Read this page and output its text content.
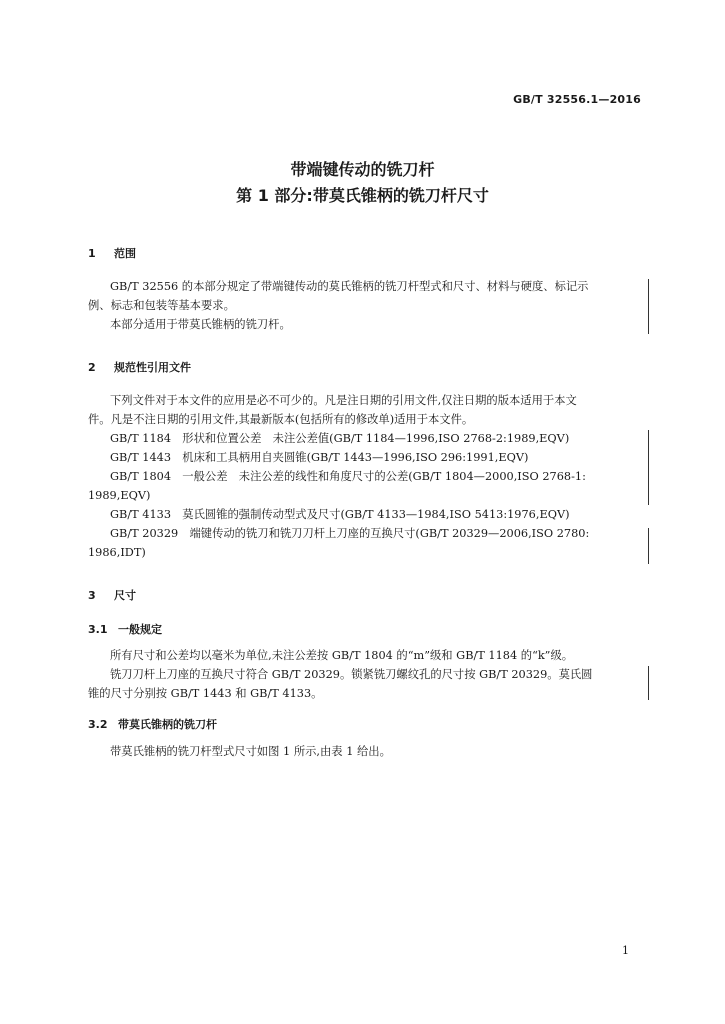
GB/T 32556.1—2016
带端键传动的铣刀杆
第 1 部分:带莫氏锥柄的铣刀杆尺寸
1 范围
GB/T 32556 的本部分规定了带端键传动的莫氏锥柄的铣刀杆型式和尺寸、材料与硬度、标记示
例、标志和包装等基本要求。
本部分适用于带莫氏锥柄的铣刀杆。
2 规范性引用文件
下列文件对于本文件的应用是必不可少的。凡是注日期的引用文件,仅注日期的版本适用于本文
件。凡是不注日期的引用文件,其最新版本(包括所有的修改单)适用于本文件。
GB/T 1184　形状和位置公差　未注公差值(GB/T 1184—1996,ISO 2768-2:1989,EQV)
GB/T 1443　机床和工具柄用自夹圆锥(GB/T 1443—1996,ISO 296:1991,EQV)
GB/T 1804　一般公差　未注公差的线性和角度尺寸的公差(GB/T 1804—2000,ISO 2768-1:
1989,EQV)
GB/T 4133　莫氏圆锥的强制传动型式及尺寸(GB/T 4133—1984,ISO 5413:1976,EQV)
GB/T 20329　端键传动的铣刀和铣刀刀杆上刀座的互换尺寸(GB/T 20329—2006,ISO 2780:
1986,IDT)
3 尺寸
3.1 一般规定
所有尺寸和公差均以毫米为单位,未注公差按 GB/T 1804 的“m”级和 GB/T 1184 的“k”级。
铣刀刀杆上刀座的互换尺寸符合 GB/T 20329。锁紧铣刀螺纹孔的尺寸按 GB/T 20329。莫氏圆
锥的尺寸分别按 GB/T 1443 和 GB/T 4133。
3.2 带莫氏锥柄的铣刀杆
带莫氏锥柄的铣刀杆型式尺寸如图 1 所示,由表 1 给出。
1
